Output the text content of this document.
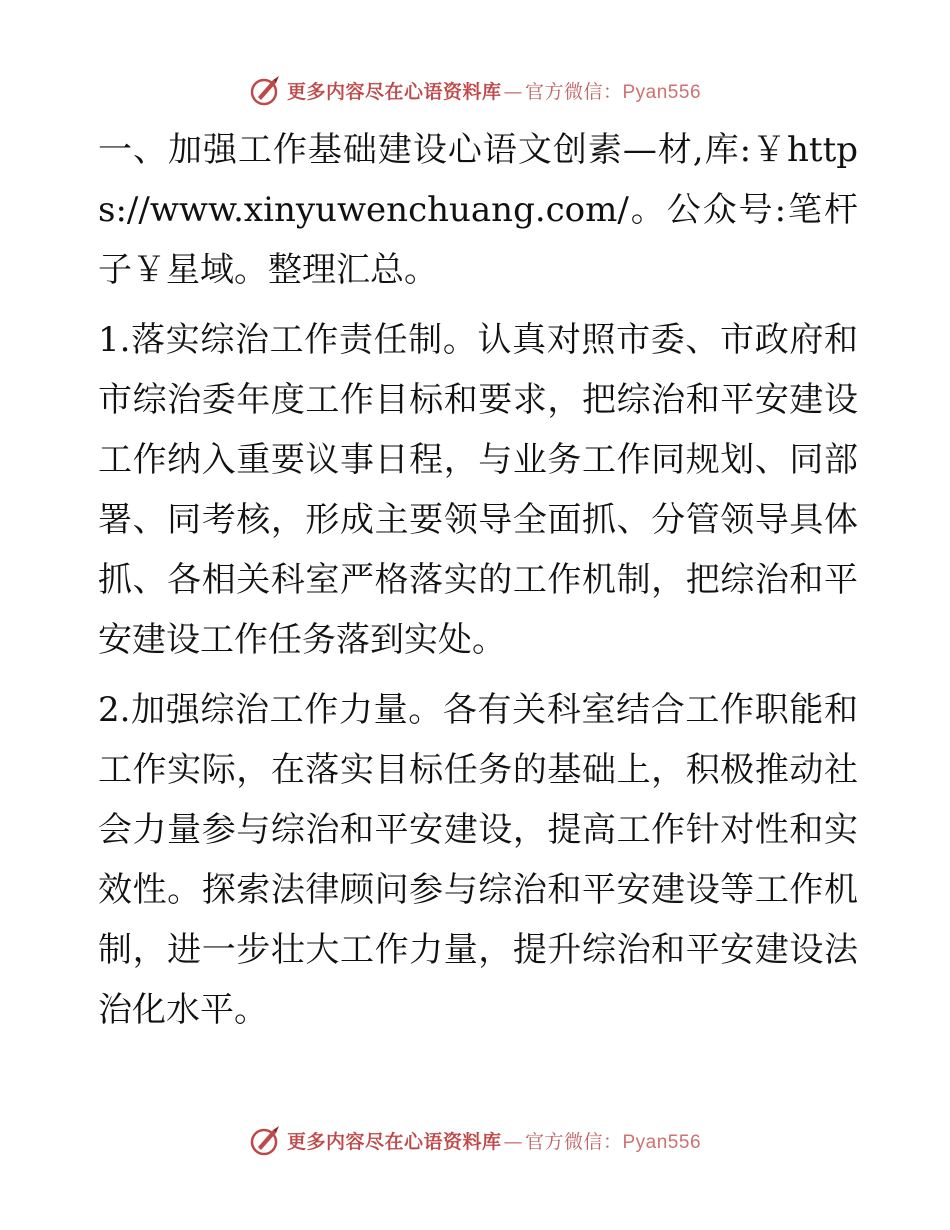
更多内容尽在心语资料库 — 官方微信：Pyan556

一、加强工作基础建设心语文创素—材,库:￥https://www.xinyuwenchuang.com/。公众号:笔杆子￥星域。整理汇总。

1.落实综治工作责任制。认真对照市委、市政府和市综治委年度工作目标和要求，把综治和平安建设工作纳入重要议事日程，与业务工作同规划、同部署、同考核，形成主要领导全面抓、分管领导具体抓、各相关科室严格落实的工作机制，把综治和平安建设工作任务落到实处。

2.加强综治工作力量。各有关科室结合工作职能和工作实际，在落实目标任务的基础上，积极推动社会力量参与综治和平安建设，提高工作针对性和实效性。探索法律顾问参与综治和平安建设等工作机制，进一步壮大工作力量，提升综治和平安建设法治化水平。

更多内容尽在心语资料库 — 官方微信：Pyan556
